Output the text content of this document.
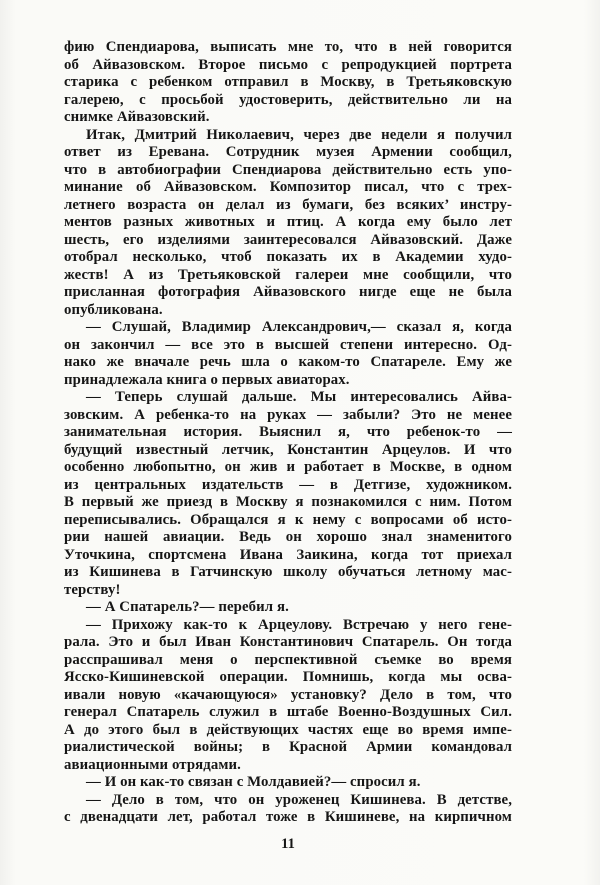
фию Спендиарова, выписать мне то, что в ней говорится
об Айвазовском. Второе письмо с репродукцией портрета
старика с ребенком отправил в Москву, в Третьяковскую
галерею, с просьбой удостоверить, действительно ли на
снимке Айвазовский.
Итак, Дмитрий Николаевич, через две недели я получил
ответ из Еревана. Сотрудник музея Армении сообщил,
что в автобиографии Спендиарова действительно есть упо-
минание об Айвазовском. Композитор писал, что с трех-
летнего возраста он делал из бумаги, без всяких’ инстру-
ментов разных животных и птиц. А когда ему было лет
шесть, его изделиями заинтересовался Айвазовский. Даже
отобрал несколько, чтоб показать их в Академии худо-
жеств! А из Третьяковской галереи мне сообщили, что
присланная фотография Айвазовского нигде еще не была
опубликована.
— Слушай, Владимир Александрович,— сказал я, когда
он закончил — все это в высшей степени интересно. Од-
нако же вначале речь шла о каком-то Спатареле. Ему же
принадлежала книга о первых авиаторах.
— Теперь слушай дальше. Мы интересовались Айва-
зовским. А ребенка-то на руках — забыли? Это не менее
занимательная история. Выяснил я, что ребенок-то —
будущий известный летчик, Константин Арцеулов. И что
особенно любопытно, он жив и работает в Москве, в одном
из центральных издательств — в Детгизе, художником.
В первый же приезд в Москву я познакомился с ним. Потом
переписывались. Обращался я к нему с вопросами об исто-
рии нашей авиации. Ведь он хорошо знал знаменитого
Уточкина, спортсмена Ивана Заикина, когда тот приехал
из Кишинева в Гатчинскую школу обучаться летному мас-
терству!
— А Спатарель?— перебил я.
— Прихожу как-то к Арцеулову. Встречаю у него гене-
рала. Это и был Иван Константинович Спатарель. Он тогда
расспрашивал меня о перспективной съемке во время
Ясско-Кишиневской операции. Помнишь, когда мы осва-
ивали новую «качающуюся» установку? Дело в том, что
генерал Спатарель служил в штабе Военно-Воздушных Сил.
А до этого был в действующих частях еще во время импе-
риалистической войны; в Красной Армии командовал
авиационными отрядами.
— И он как-то связан с Молдавией?— спросил я.
— Дело в том, что он уроженец Кишинева. В детстве,
с двенадцати лет, работал тоже в Кишиневе, на кирпичном
11
